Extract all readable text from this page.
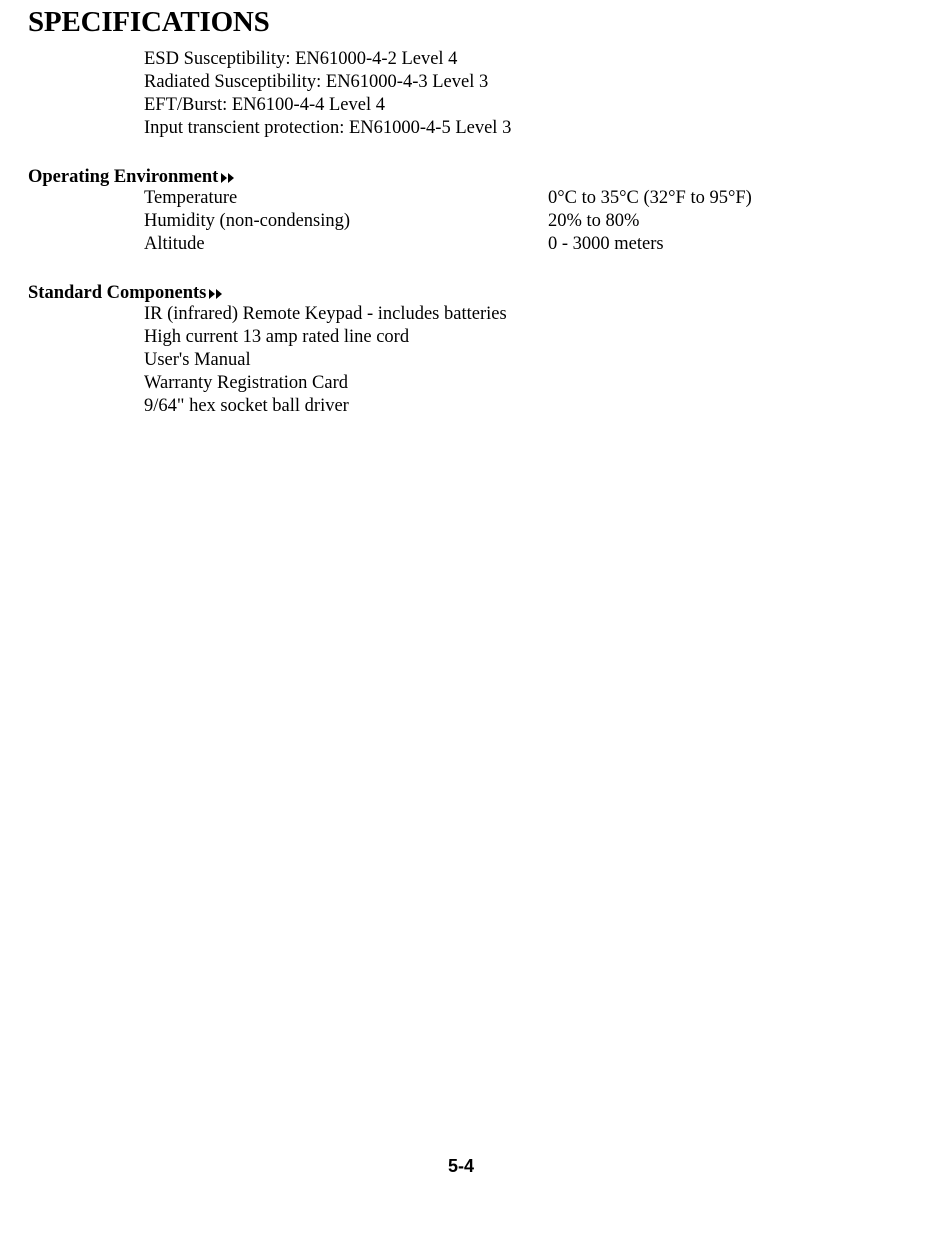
SPECIFICATIONS
ESD Susceptibility: EN61000-4-2 Level 4
Radiated Susceptibility: EN61000-4-3 Level 3
EFT/Burst: EN6100-4-4 Level 4
Input transcient protection: EN61000-4-5 Level 3
Operating Environment
Temperature	0°C to 35°C (32°F to 95°F)
Humidity (non-condensing)	20% to 80%
Altitude	0 - 3000 meters
Standard Components
IR (infrared) Remote Keypad - includes batteries
High current 13 amp rated line cord
User's Manual
Warranty Registration Card
9/64" hex socket ball driver
5-4
